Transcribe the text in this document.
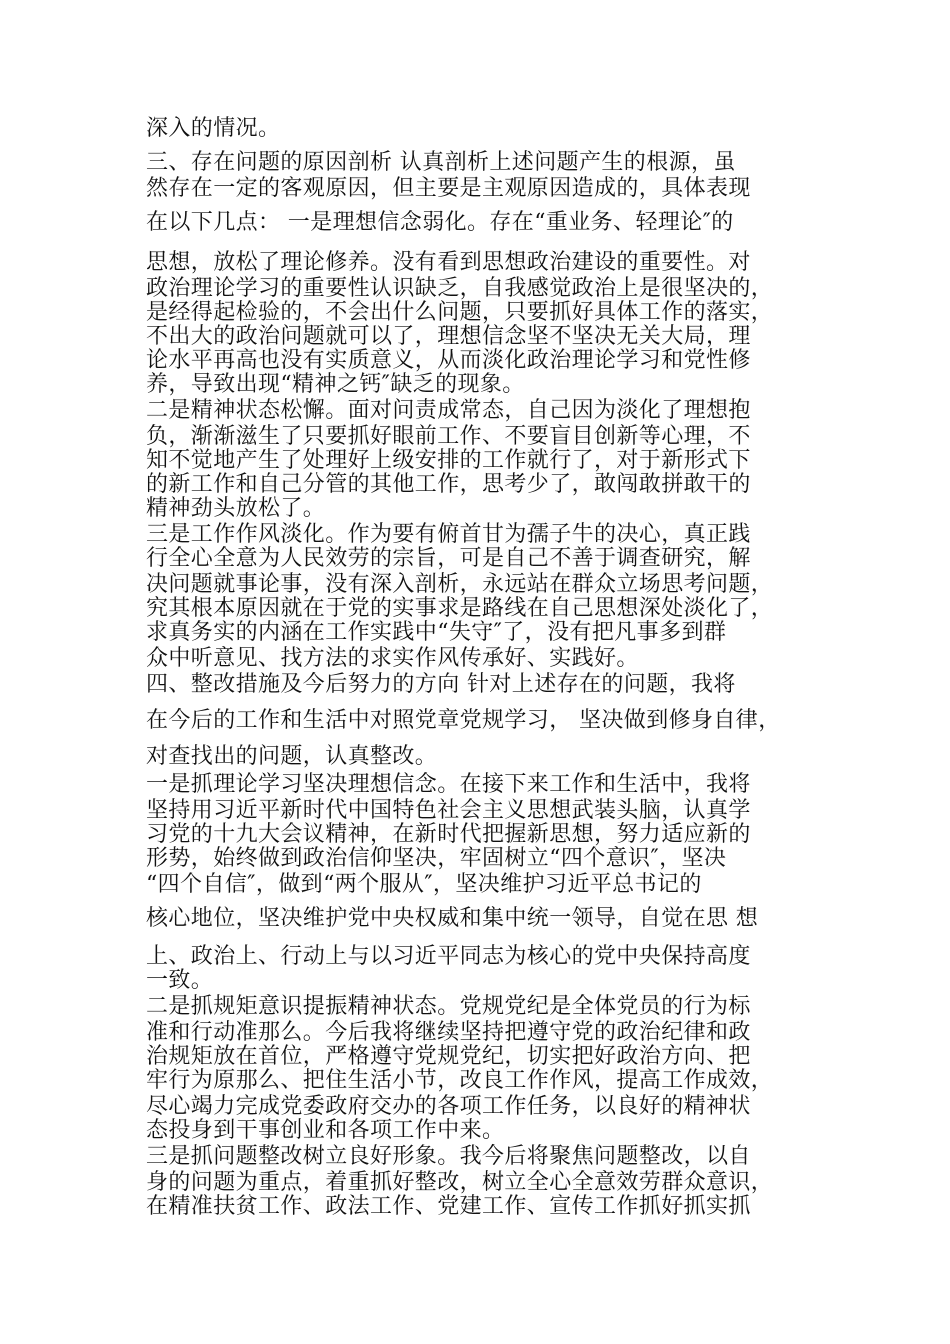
深入的情况。
三、存在问题的原因剖析 认真剖析上述问题产生的根源，虽
然存在一定的客观原因，但主要是主观原因造成的，具体表现
在以下几点： 一是理想信念弱化。存在“重业务、轻理论″的
思想，放松了理论修养。没有看到思想政治建设的重要性。对
政治理论学习的重要性认识缺乏，自我感觉政治上是很坚决的，
是经得起检验的，不会出什么问题，只要抓好具体工作的落实，
不出大的政治问题就可以了，理想信念坚不坚决无关大局，理
论水平再高也没有实质意义，从而淡化政治理论学习和党性修
养，导致出现“精神之钙″缺乏的现象。
二是精神状态松懈。面对问责成常态，自己因为淡化了理想抱
负，渐渐滋生了只要抓好眼前工作、不要盲目创新等心理，不
知不觉地产生了处理好上级安排的工作就行了，对于新形式下
的新工作和自己分管的其他工作，思考少了，敢闯敢拼敢干的
精神劲头放松了。
三是工作作风淡化。作为要有俯首甘为孺子牛的决心，真正践
行全心全意为人民效劳的宗旨，可是自己不善于调查研究，解
决问题就事论事，没有深入剖析，永远站在群众立场思考问题，
究其根本原因就在于党的实事求是路线在自己思想深处淡化了，
求真务实的内涵在工作实践中“失守″了，没有把凡事多到群
众中听意见、找方法的求实作风传承好、实践好。
四、整改措施及今后努力的方向 针对上述存在的问题，我将
在今后的工作和生活中对照党章党规学习， 坚决做到修身自律，
对查找出的问题，认真整改。
一是抓理论学习坚决理想信念。在接下来工作和生活中，我将
坚持用习近平新时代中国特色社会主义思想武装头脑，认真学
习党的十九大会议精神，在新时代把握新思想，努力适应新的
形势，始终做到政治信仰坚决，牢固树立“四个意识″，坚决
“四个自信″，做到“两个服从″，坚决维护习近平总书记的
核心地位，坚决维护党中央权威和集中统一领导，自觉在思 想
上、政治上、行动上与以习近平同志为核心的党中央保持高度
一致。
二是抓规矩意识提振精神状态。党规党纪是全体党员的行为标
准和行动准那么。今后我将继续坚持把遵守党的政治纪律和政
治规矩放在首位，严格遵守党规党纪，切实把好政治方向、把
牢行为原那么、把住生活小节，改良工作作风，提高工作成效，
尽心竭力完成党委政府交办的各项工作任务，以良好的精神状
态投身到干事创业和各项工作中来。
三是抓问题整改树立良好形象。我今后将聚焦问题整改，以自
身的问题为重点，着重抓好整改，树立全心全意效劳群众意识，
在精准扶贫工作、政法工作、党建工作、宣传工作抓好抓实抓
